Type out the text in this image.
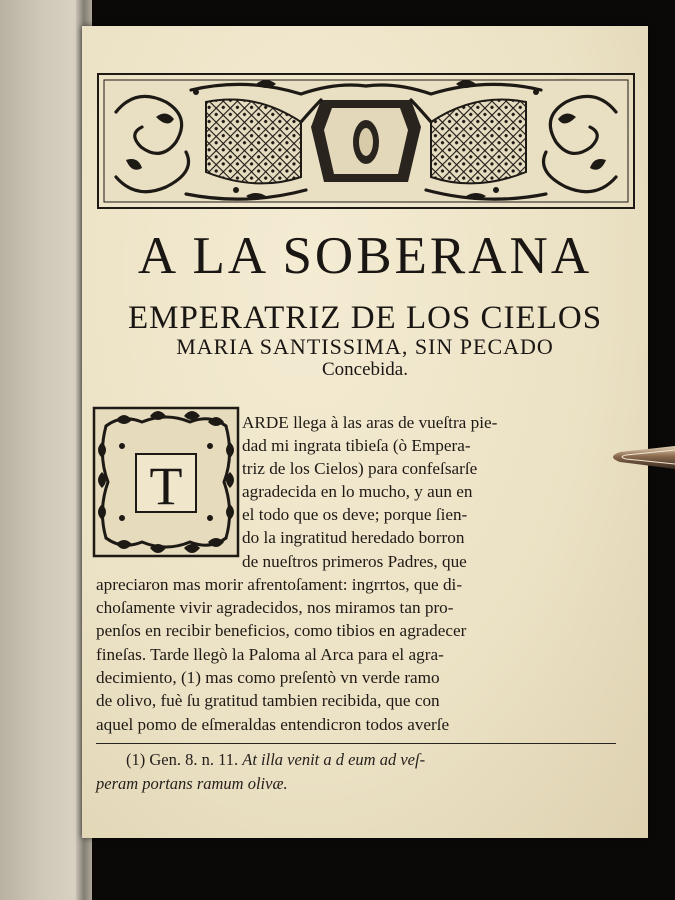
A LA SOBERANA
EMPERATRIZ DE LOS CIELOS
MARIA SANTISSIMA, SIN PECADO
Concebida.
T
ARDE llega à las aras de vueſtra pie-
dad mi ingrata tibieſa (ò Empera-
triz de los Cielos) para confeſsarſe
agradecida en lo mucho, y aun en
el todo que os deve; porque ſien-
do la ingratitud heredado borron
de nueſtros primeros Padres, que
apreciaron mas morir afrentoſament: ingrrtos, que di-
choſamente vivir agradecidos, nos miramos tan pro-
penſos en recibir beneficios, como tibios en agradecer
fineſas. Tarde llegò la Paloma al Arca para el agra-
decimiento, (1) mas como preſentò vn verde ramo
de olivo, fuè ſu gratitud tambien recibida, que con
aquel pomo de eſmeraldas entendicron todos averſe
(1) Gen. 8. n. 11. At illa venit a d eum ad veſ-
peram portans ramum olivæ.
